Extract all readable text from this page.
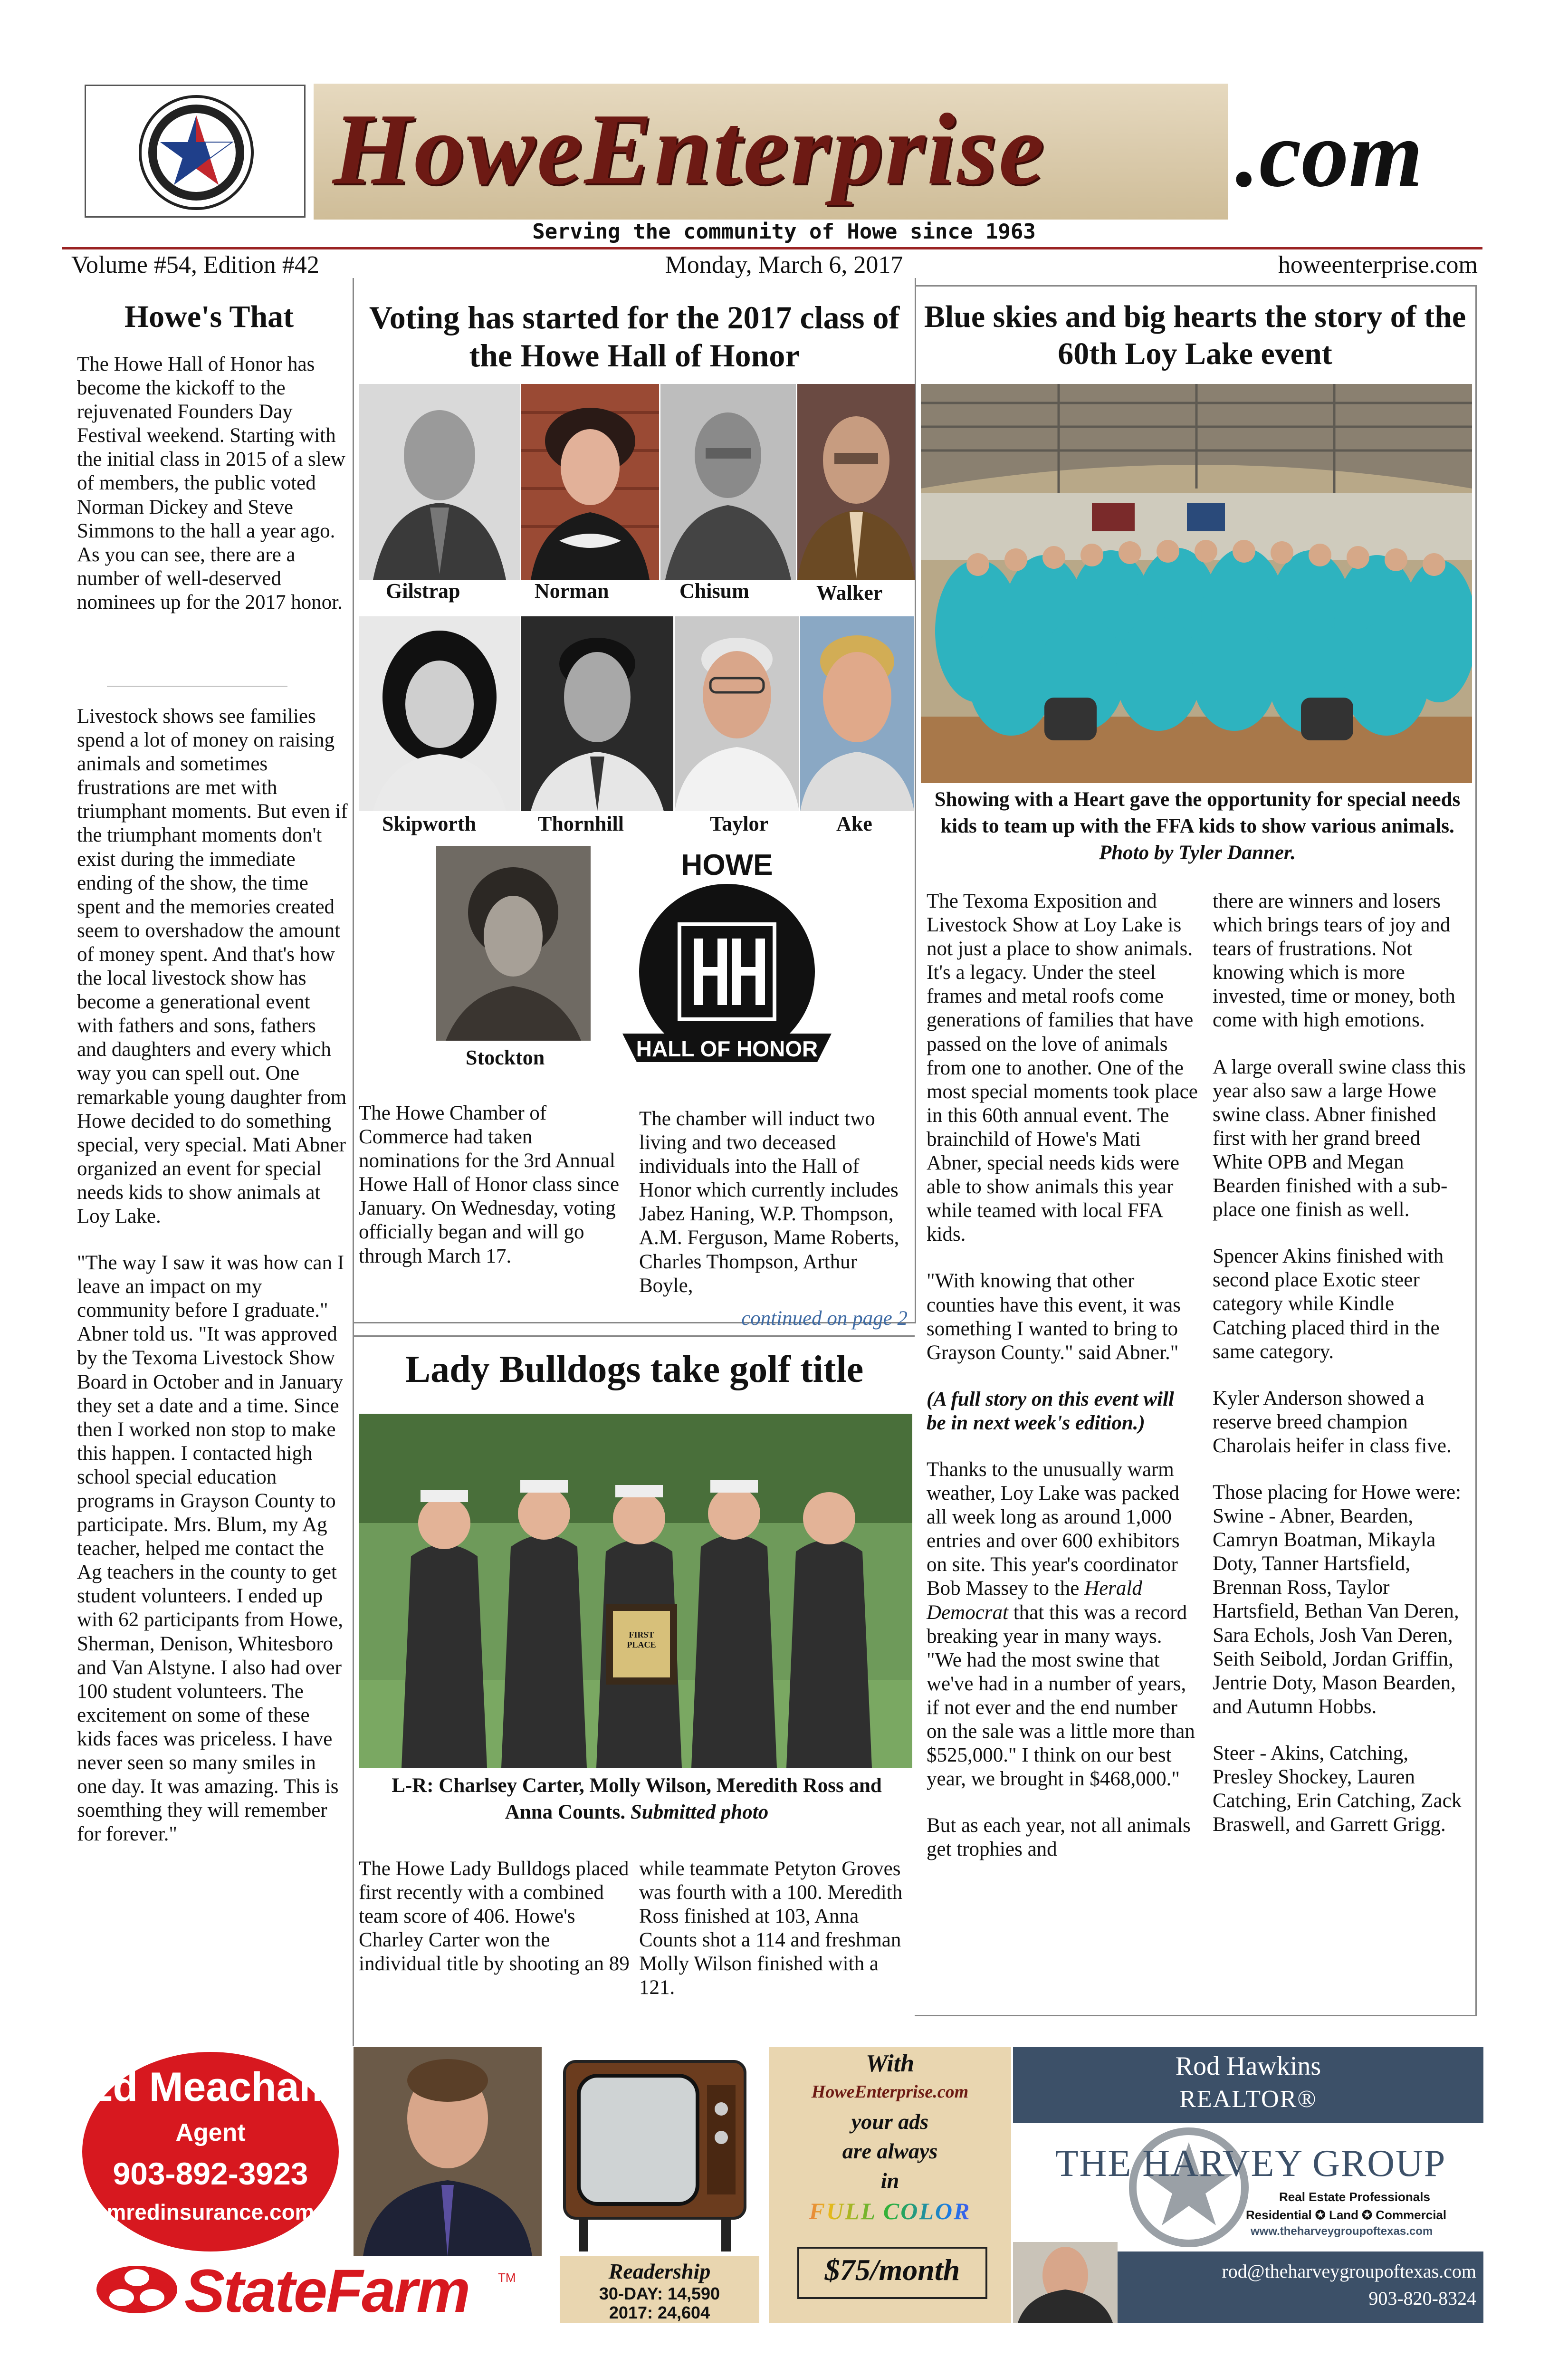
HoweEnterprise .com
Serving the community of Howe since 1963
Volume #54, Edition #42	Monday, March 6, 2017	howeenterprise.com
Howe's That

The Howe Hall of Honor has become the kickoff to the rejuvenated Founders Day Festival weekend. Starting with the initial class in 2015 of a slew of members, the public voted Norman Dickey and Steve Simmons to the hall a year ago. As you can see, there are a number of well-deserved nominees up for the 2017 honor.

Livestock shows see families spend a lot of money on raising animals and sometimes frustrations are met with triumphant moments. But even if the triumphant moments don't exist during the immediate ending of the show, the time spent and the memories created seem to overshadow the amount of money spent. And that's how the local livestock show has become a generational event with fathers and sons, fathers and daughters and every which way you can spell out. One remarkable young daughter from Howe decided to do something special, very special. Mati Abner organized an event for special needs kids to show animals at Loy Lake.

"The way I saw it was how can I leave an impact on my community before I graduate." Abner told us. "It was approved by the Texoma Livestock Show Board in October and in January they set a date and a time. Since then I worked non stop to make this happen. I contacted high school special education programs in Grayson County to participate. Mrs. Blum, my Ag teacher, helped me contact the Ag teachers in the county to get student volunteers. I ended up with 62 participants from Howe, Sherman, Denison, Whitesboro and Van Alstyne. I also had over 100 student volunteers. The excitement on some of these kids faces was priceless. I have never seen so many smiles in one day. It was amazing. This is soemthing they will remember for forever."

Voting has started for the 2017 class of the Howe Hall of Honor
Gilstrap	Norman	Chisum	Walker
Skipworth	Thornhill	Taylor	Ake
Stockton
HOWE
HALL OF HONOR
The Howe Chamber of Commerce had taken nominations for the 3rd Annual Howe Hall of Honor class since January. On Wednesday, voting officially began and will go through March 17.
The chamber will induct two living and two deceased individuals into the Hall of Honor which currently includes Jabez Haning, W.P. Thompson, A.M. Ferguson, Mame Roberts, Charles Thompson, Arthur Boyle,
continued on page 2
Lady Bulldogs take golf title
FIRST PLACE
L-R: Charlsey Carter, Molly Wilson, Meredith Ross and Anna Counts. Submitted photo
The Howe Lady Bulldogs placed first recently with a combined team score of 406. Howe's Charley Carter won the individual title by shooting an 89
while teammate Petyton Groves was fourth with a 100. Meredith Ross finished at 103, Anna Counts shot a 114 and freshman Molly Wilson finished with a 121.
Blue skies and big hearts the story of the 60th Loy Lake event
Showing with a Heart gave the opportunity for special needs kids to team up with the FFA kids to show various animals. Photo by Tyler Danner.

The Texoma Exposition and Livestock Show at Loy Lake is not just a place to show animals. It's a legacy. Under the steel frames and metal roofs come generations of families that have passed on the love of animals from one to another. One of the most special moments took place in this 60th annual event. The brainchild of Howe's Mati Abner, special needs kids were able to show animals this year while teamed with local FFA kids.

"With knowing that other counties have this event, it was something I wanted to bring to Grayson County." said Abner."

(A full story on this event will be in next week's edition.)

Thanks to the unusually warm weather, Loy Lake was packed all week long as around 1,000 entries and over 600 exhibitors on site. This year's coordinator Bob Massey to the Herald Democrat that this was a record breaking year in many ways. "We had the most swine that we've had in a number of years, if not ever and the end number on the sale was a little more than $525,000." I think on our best year, we brought in $468,000."

But as each year, not all animals get trophies and

there are winners and losers which brings tears of joy and tears of frustrations. Not knowing which is more invested, time or money, both come with high emotions.

A large overall swine class this year also saw a large Howe swine class. Abner finished first with her grand breed White OPB and Megan Bearden finished with a sub-place one finish as well.

Spencer Akins finished with second place Exotic steer category while Kindle Catching placed third in the same category.

Kyler Anderson showed a reserve breed champion Charolais heifer in class five.

Those placing for Howe were: Swine - Abner, Bearden, Camryn Boatman, Mikayla Doty, Tanner Hartsfield, Brennan Ross, Taylor Hartsfield, Bethan Van Deren, Sara Echols, Josh Van Deren, Seith Seibold, Jordan Griffin, Jentrie Doty, Mason Bearden, and Autumn Hobbs.

Steer - Akins, Catching, Presley Shockey, Lauren Catching, Erin Catching, Zack Braswell, and Garrett Grigg.

Ed Meacham
Agent
903-892-3923
mredinsurance.com
StateFarm TM	Readership
30-DAY: 14,590
2017: 24,604
With
HoweEnterprise.com
your ads
are always
in
FULL COLOR
$75/month
Rod Hawkins
REALTOR®
THE HARVEY GROUP
Real Estate Professionals
Residential ✪ Land ✪ Commercial
www.theharveygroupoftexas.com
rod@theharveygroupoftexas.com
903-820-8324
